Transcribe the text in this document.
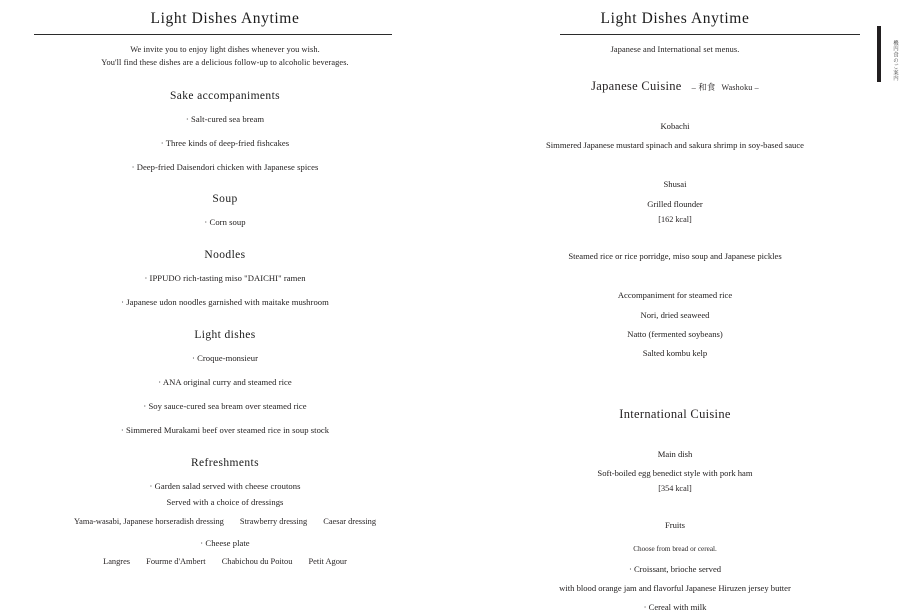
Light Dishes Anytime
We invite you to enjoy light dishes whenever you wish.
You'll find these dishes are a delicious follow-up to alcoholic beverages.
Sake accompaniments
· Salt-cured sea bream
· Three kinds of deep-fried fishcakes
· Deep-fried Daisendori chicken with Japanese spices
Soup
· Corn soup
Noodles
· IPPUDO rich-tasting miso "DAICHI" ramen
· Japanese udon noodles garnished with maitake mushroom
Light dishes
· Croque-monsieur
· ANA original curry and steamed rice
· Soy sauce-cured sea bream over steamed rice
· Simmered Murakami beef over steamed rice in soup stock
Refreshments
· Garden salad served with cheese croutons
Served with a choice of dressings
Yama-wasabi, Japanese horseradish dressing Strawberry dressing Caesar dressing
· Cheese plate
Langres Fourme d'Ambert Chabichou du Poitou Petit Agour
Light Dishes Anytime
Japanese and International set menus.
Japanese Cuisine – 和食 Washoku –
Kobachi
Simmered Japanese mustard spinach and sakura shrimp in soy-based sauce
Shusai
Grilled flounder
[162 kcal]
Steamed rice or rice porridge, miso soup and Japanese pickles
Accompaniment for steamed rice
Nori, dried seaweed
Natto (fermented soybeans)
Salted kombu kelp
International Cuisine
Main dish
Soft-boiled egg benedict style with pork ham
[354 kcal]
Fruits
Choose from bread or cereal.
· Croissant, brioche served
with blood orange jam and flavorful Japanese Hiruzen jersey butter
· Cereal with milk
機内食のご案内
